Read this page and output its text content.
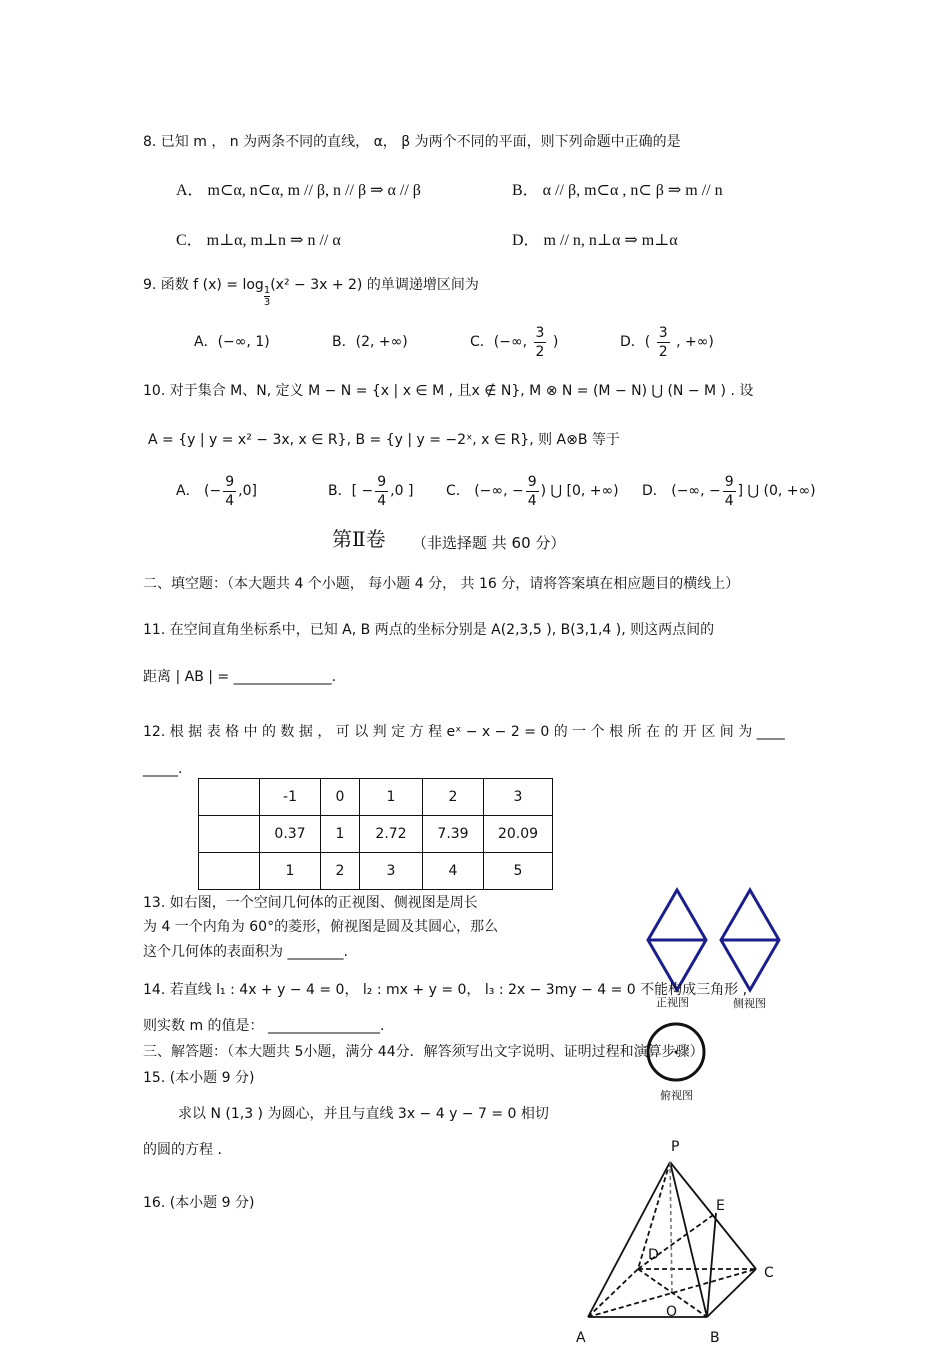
8. 已知 m ， n 为两条不同的直线， α， β 为两个不同的平面，则下列命题中正确的是
A． m⊂α, n⊂α, m // β, n // β ⇒ α // β	B． α // β, m⊂α , n⊂ β ⇒ m // n
C． m⊥α, m⊥n ⇒ n // α	D． m // n, n⊥α ⇒ m⊥α
9. 函数 f $(x) = \log \frac{1}{3} (x^2 - 3x + 2)$ 的单调递增区间为
A．(−∞, 1)	B．(2, +∞)	C．(−∞, $\frac{3}{2}$ )	D．( $\frac{3}{2}$ , +∞)
10. 对于集合 M、N, 定义 M − N = {x | x ∈ M , 且x ∉ N}, M ⊗ N = (M − N) ⋃ (N − M ) . 设
A = {y | y = x² − 3x, x ∈ R}, B = {y | y = −2ˣ, x ∈ R}, 则 A⊗B 等于
A． (− $\frac{9}{4} ,0$]	B．[ − $\frac{9}{4} ,0$ ] C． (−∞, − $\frac{9}{4}$ ) ⋃ [0, +∞) D． (−∞, − $\frac{9}{4}$ ] ⋃ (0, +∞)
第Ⅱ卷 （非选择题 共 60 分）
二、填空题：（本大题共 4 个小题， 每小题 4 分， 共 16 分，请将答案填在相应题目的横线上）
11. 在空间直角坐标系中，已知 A, B 两点的坐标分别是 A(2,3,5 ), B(3,1,4 ), 则这两点间的
距离 | AB | = ______________.
12. 根 据 表 格 中 的 数 据 ， 可 以 判 定 方 程 eˣ − x − 2 = 0 的 一 个 根 所 在 的 开 区 间 为 ____
_____.
	-1	0	1	2	3
	0.37	1	2.72	7.39	20.09
	1	2	3	4	5
13. 如右图，一个空间几何体的正视图、侧视图是周长
为 4 一个内角为 60°的菱形，俯视图是圆及其圆心，那么
这个几何体的表面积为 ________.
正视图	侧视图
俯视图
14. 若直线 l₁ : 4x + y − 4 = 0， l₂ : mx + y = 0， l₃ : 2x − 3my − 4 = 0 不能构成三角形 ,
则实数 m 的值是： ________________.
三、解答题：（本大题共 5小题，满分 44分．解答须写出文字说明、证明过程和演算步骤）
15. (本小题 9 分)
求以 N (1,3 ) 为圆心，并且与直线 3x − 4 y − 7 = 0 相切
的圆的方程 .
16. (本小题 9 分)
P
E
D
C
O
A	B
